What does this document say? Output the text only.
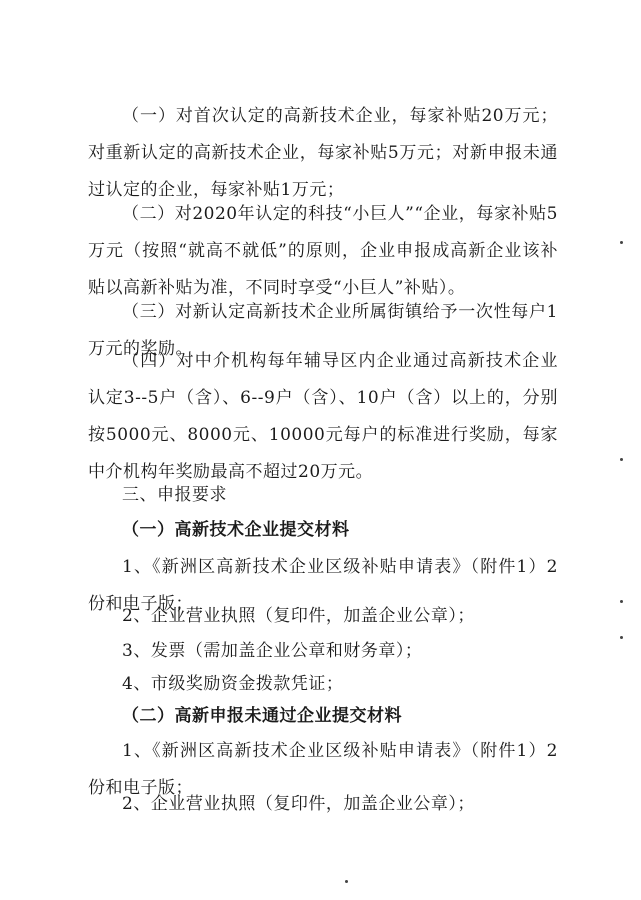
（一）对首次认定的高新技术企业，每家补贴20万元；对重新认定的高新技术企业，每家补贴5万元；对新申报未通过认定的企业，每家补贴1万元；

（二）对2020年认定的科技“小巨人”“企业，每家补贴5万元（按照“就高不就低”的原则，企业申报成高新企业该补贴以高新补贴为准，不同时享受“小巨人”补贴）。

（三）对新认定高新技术企业所属街镇给予一次性每户1万元的奖励。

（四）对中介机构每年辅导区内企业通过高新技术企业认定3--5户（含）、6--9户（含）、10户（含）以上的，分别按5000元、8000元、10000元每户的标准进行奖励，每家中介机构年奖励最高不超过20万元。

三、申报要求

（一）高新技术企业提交材料

1、《新洲区高新技术企业区级补贴申请表》（附件1）2份和电子版；

2、企业营业执照（复印件，加盖企业公章）；

3、发票（需加盖企业公章和财务章）；

4、市级奖励资金拨款凭证；

（二）高新申报未通过企业提交材料

1、《新洲区高新技术企业区级补贴申请表》（附件1）2份和电子版；

2、企业营业执照（复印件，加盖企业公章）；
